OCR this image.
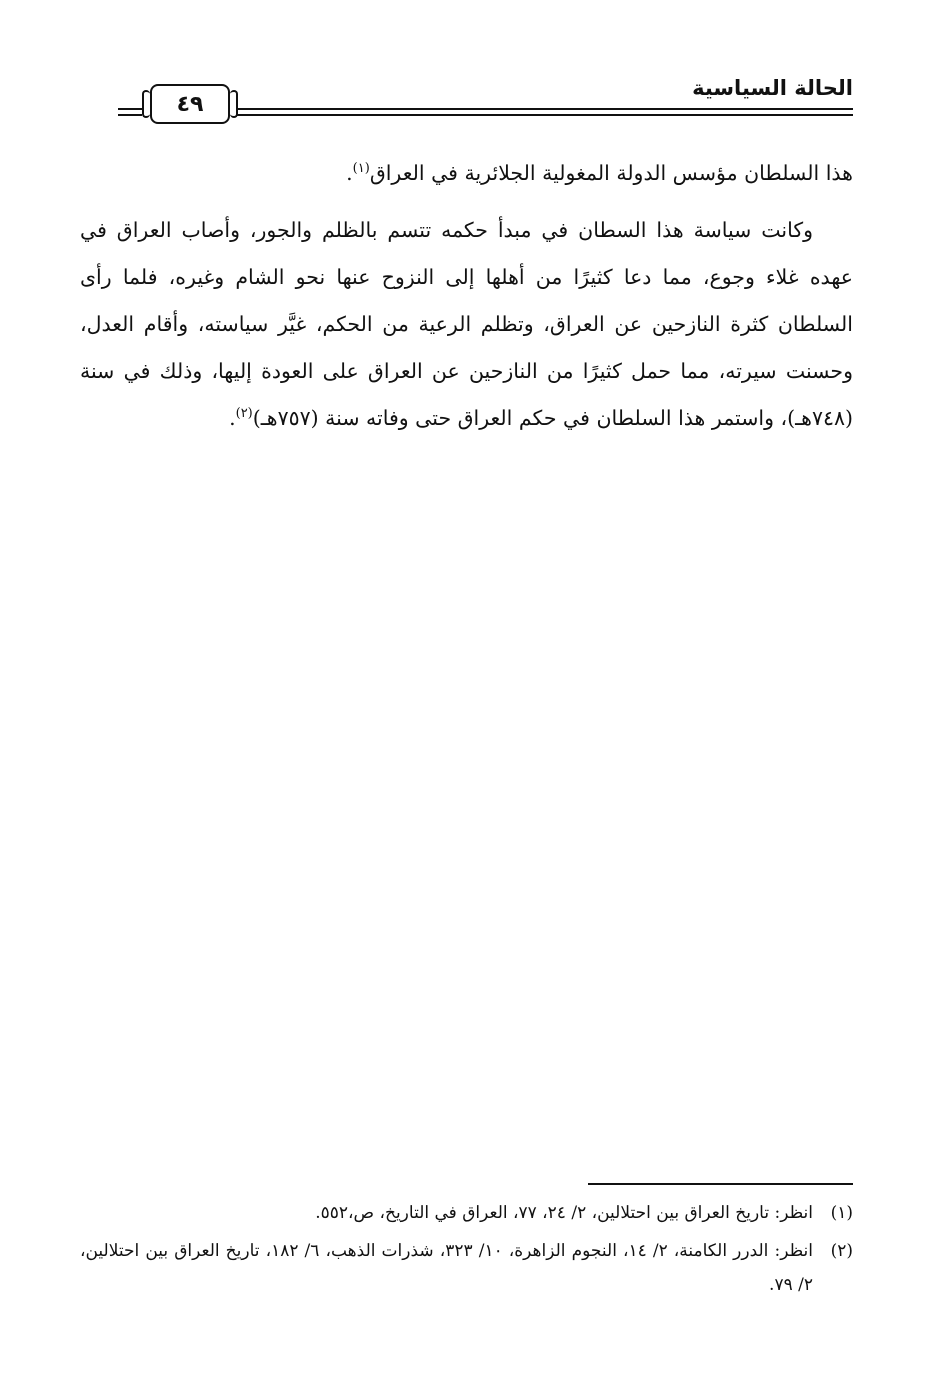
الحالة السياسية
٤٩

هذا السلطان مؤسس الدولة المغولية الجلائرية في العراق$^{(١)}$.

وكانت سياسة هذا السطان في مبدأ حكمه تتسم بالظلم والجور، وأصاب العراق في عهده غلاء وجوع، مما دعا كثيرًا من أهلها إلى النزوح عنها نحو الشام وغيره، فلما رأى السلطان كثرة النازحين عن العراق، وتظلم الرعية من الحكم، غيَّر سياسته، وأقام العدل، وحسنت سيرته، مما حمل كثيرًا من النازحين عن العراق على العودة إليها، وذلك في سنة (٧٤٨هـ)، واستمر هذا السلطان في حكم العراق حتى وفاته سنة (٧٥٧هـ)$^{(٢)}$.

(١)
انظر: تاريخ العراق بين احتلالين، ٢/ ٢٤، ٧٧، العراق في التاريخ، ص،٥٥٢.
(٢)
انظر: الدرر الكامنة، ٢/ ١٤، النجوم الزاهرة، ١٠/ ٣٢٣، شذرات الذهب، ٦/ ١٨٢، تاريخ العراق بين احتلالين، ٢/ ٧٩.
